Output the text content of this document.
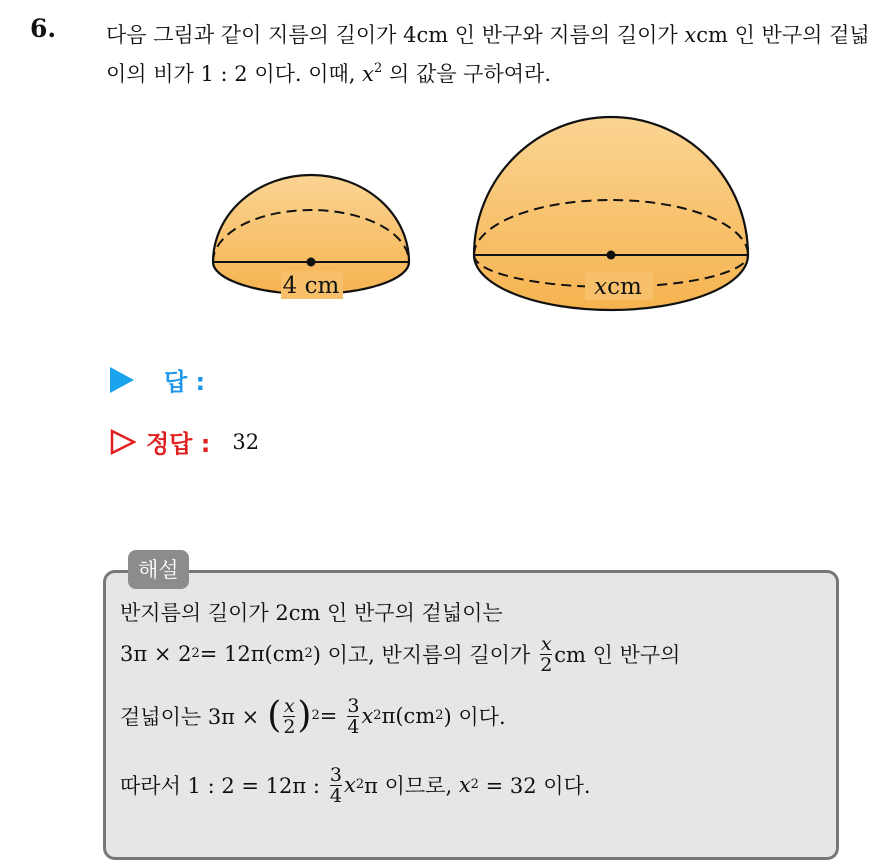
6. 다음 그림과 같이 지름의 길이가 4cm 인 반구와 지름의 길이가 xcm 인 반구의 겉넓이의 비가 1 : 2 이다. 이때, $x^2$ 의 값을 구하여라.
4 cm	xcm
답 :
정답 : 32
해설
반지름의 길이가 2cm 인 반구의 겉넓이는
3π × 2 2 = 12π(cm 2 ) 이고, 반지름의 길이가 $\frac{x}{2}$ cm 인 반구의
겉넓이는 3π × ( $\frac{x}{2}$ ) $2 = \frac{3}{4}$ x 2 π(cm 2 ) 이다.
따라서 1 : 2 = 12π : $\frac{3}{4}$ x 2 π 이므로, x 2 = 32 이다.
